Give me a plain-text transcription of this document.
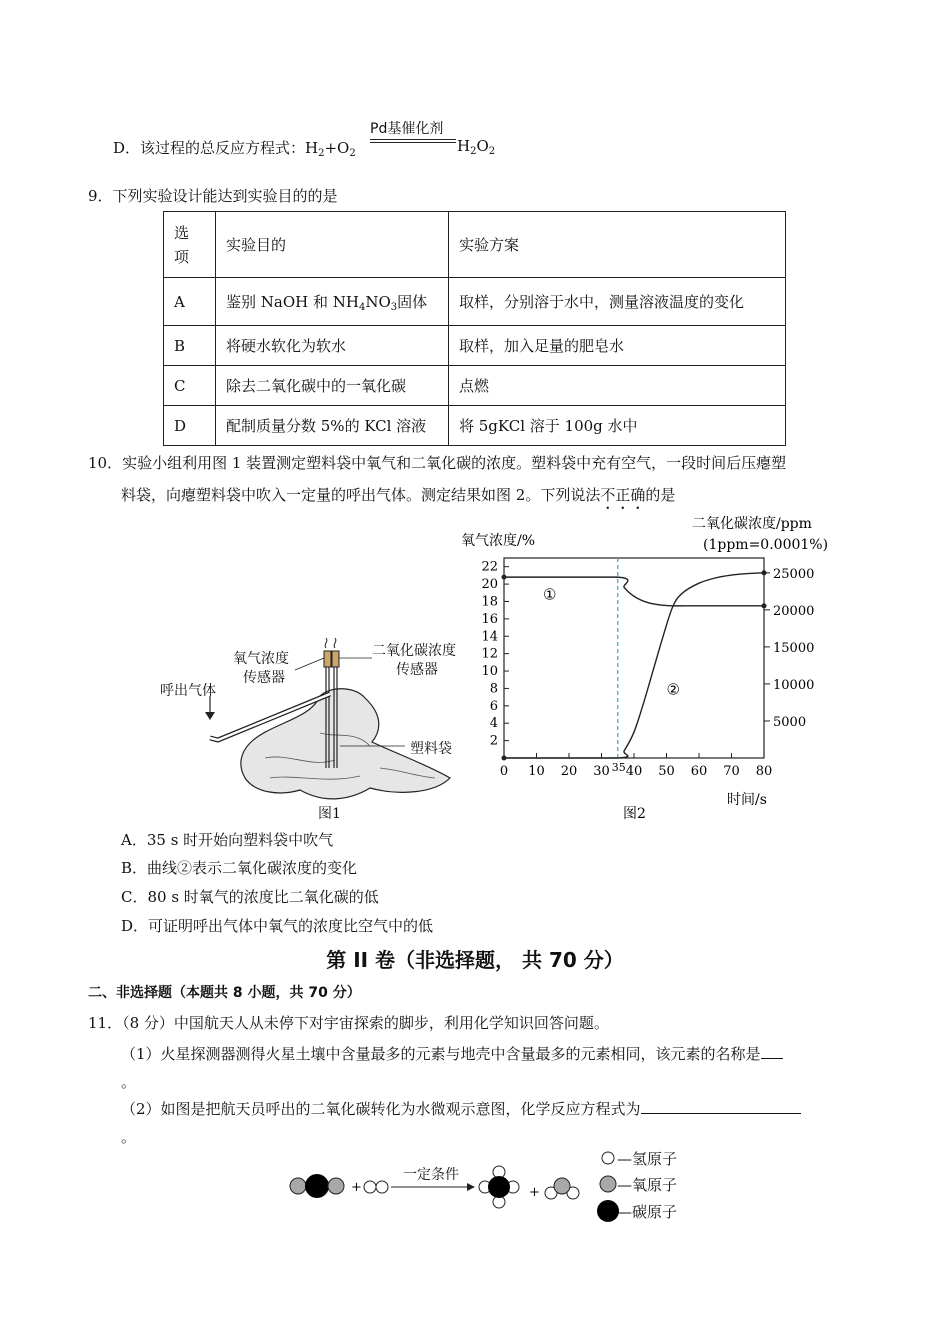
D．该过程的总反应方程式：$H_2+O_2$
Pd基催化剂
$H_2O_2$
9．下列实验设计能达到实验目的的是
选
项	实验目的	实验方案
A	鉴别 NaOH 和 $NH_4NO_3$固体	取样，分别溶于水中，测量溶液温度的变化
B	将硬水软化为软水	取样，加入足量的肥皂水
C	除去二氧化碳中的一氧化碳	点燃
D	配制质量分数 5%的 KCl 溶液	将 5gKCl 溶于 100g 水中
10．实验小组利用图 1 装置测定塑料袋中氧气和二氧化碳的浓度。塑料袋中充有空气，一段时间后压瘪塑
料袋，向瘪塑料袋中吹入一定量的呼出气体。测定结果如图 2。下列说法不正确的是
呼出气体
氧气浓度
传感器
二氧化碳浓度
传感器
塑料袋
图1
0 10 20 30 40 50 60 70 80
35
2
4
6
8
10
12
14
16
18
20
22
5000
10000
15000
20000
25000
氧气浓度/%
二氧化碳浓度/ppm
(1ppm=0.0001%)
时间/s
图2
①
②
A．35 s 时开始向塑料袋中吹气
B．曲线②表示二氧化碳浓度的变化
C．80 s 时氧气的浓度比二氧化碳的低
D．可证明呼出气体中氧气的浓度比空气中的低
第 II 卷（非选择题， 共 70 分）
二、非选择题（本题共 8 小题，共 70 分）
11．（8 分）中国航天人从未停下对宇宙探索的脚步，利用化学知识回答问题。
（1）火星探测器测得火星土壤中含量最多的元素与地壳中含量最多的元素相同，该元素的名称是
。
（2）如图是把航天员呼出的二氧化碳转化为水微观示意图，化学反应方程式为
。
+	+
一定条件
—氢原子
—氧原子
—碳原子
